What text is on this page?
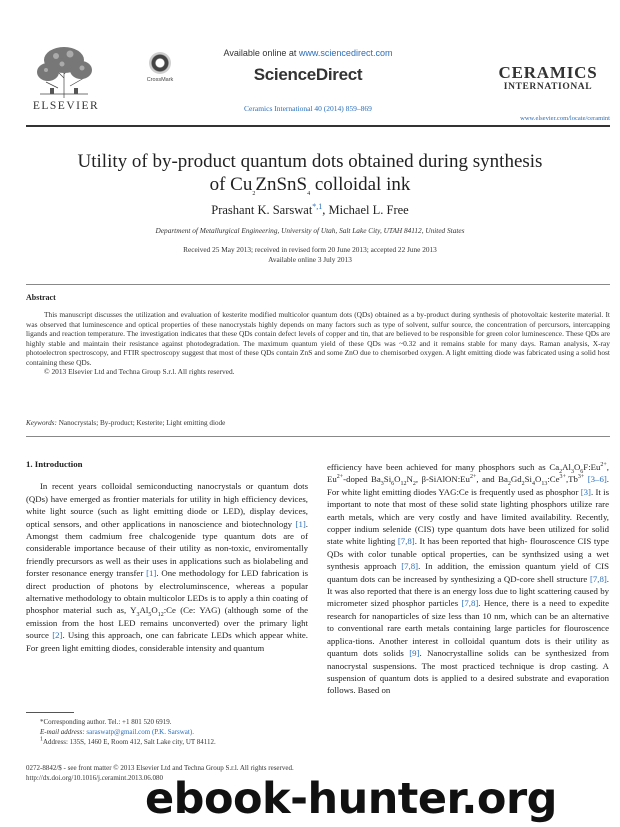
ELSEVIER
CrossMark
Available online at www.sciencedirect.com
ScienceDirect
Ceramics International 40 (2014) 859–869
CERAMICS
INTERNATIONAL
www.elsevier.com/locate/ceramint
Utility of by-product quantum dots obtained during synthesis
of $Cu_2ZnSnS_4$ colloidal ink
Prashant K. Sarswat$^{*,1}$, Michael L. Free
Department of Metallurgical Engineering, University of Utah, Salt Lake City, UTAH 84112, United States
Received 25 May 2013; received in revised form 20 June 2013; accepted 22 June 2013
Available online 3 July 2013
Abstract
This manuscript discusses the utilization and evaluation of kesterite modified multicolor quantum dots (QDs) obtained as a by-product during synthesis of photovoltaic kesterite material. It was observed that luminescence and optical properties of these nanocrystals highly depends on many factors such as type of solvent, sulfur source, the concentration of percursors, intercapping ligands and reaction temperature. The investigation indicates that these QDs contain defect levels of copper and tin, that are believed to be responsible for green color luminescence. These QDs are highly stable and maintain their resistance against photodegradation. The maximum quantum yield of these QDs was ~0.32 and it remains stable for many days. Raman analysis, X-ray photoelectron spectroscopy, and FTIR spectroscopy suggest that most of these QDs contain ZnS and some ZnO due to chemisorbed oxygen. A light emitting diode was fabricated using a solid host containing these QDs.
© 2013 Elsevier Ltd and Techna Group S.r.l. All rights reserved.
Keywords: Nanocrystals; By-product; Kesterite; Light emitting diode
1. Introduction
In recent years colloidal semiconducting nanocrystals or quantum dots (QDs) have emerged as frontier materials for utility in high efficiency devices, white light source (such as light emitting diode or LED), display devices, optical sensors, and other applications in nanoscience and biotechnology [1]. Amongst them cadmium free chalcogenide type quantum dots are of considerable importance because of their utility as non-toxic, enviromentally friendly precursors as well as their uses in applications such as biolabeling and forster resonance energy transfer [1]. One methodology for LED fabrication is direct production of photons by electroluminscence, whereas a popular alternative methodology to obtain multicolor LEDs is to apply a thin coating of phosphor material such as, $Y_3Al_5O_{12}:Ce$ (Ce: YAG) (although some of the emission from the host LED remains unconverted) over the primary light source [2]. Using this approach, one can fabricate LEDs which appear white. For green light emitting diodes, considerable intensity and quantum
efficiency have been achieved for many phosphors such as $Ca_2Al_3O_6F:Eu^{2+}$, $Eu^{2+}$-doped $Ba_3Si_6O_{12}N_2$, $\beta-SiAlON:Eu^{2+}$, and $Ba_2Gd_2Si_4O_{13}:Ce^{3+},Tb^{3+}$ [3–6]. For white light emitting diodes YAG:Ce is frequently used as phosphor [3]. It is important to note that most of these solid state lighting phosphors utilize rare earth metals, which are very costly and have limited availability. Recently, copper indium selenide (CIS) type quantum dots have been utilized for solid state white lighting [7,8]. It has been reported that high- flouroscence CIS type QDs with color tunable optical properties, can be synthsized using a wet synthesis approach [7,8]. In addition, the emission quantum yield of CIS quantum dots can be increased by synthesizing a QD-core shell structure [7,8]. It was also reported that there is an energy loss due to light scattering caused by micrometer sized phosphor particles [7,8]. Hence, there is a need to expedite research for nanoparticles of size less than 10 nm, which can be an alternative to conventional rare earth metals containing large particles for flouroscence applica-tions. Another interest in colloidal quantum dots is their utility as quantum dots solids [9]. Nanocrystalline solids can be synthesized from nanocrystal suspensions. The most practiced technique is drop casting. A suspension of quantum dots is applied to a desired substrate and evaporation follows. Based on
*Corresponding author. Tel.: +1 801 520 6919.
E-mail address: saraswatp@gmail.com (P.K. Sarswat).
$^1$Address: 135S, 1460 E, Room 412, Salt Lake city, UT 84112.
0272-8842/$ - see front matter © 2013 Elsevier Ltd and Techna Group S.r.l. All rights reserved.
http://dx.doi.org/10.1016/j.ceramint.2013.06.080
ebook-hunter.org
